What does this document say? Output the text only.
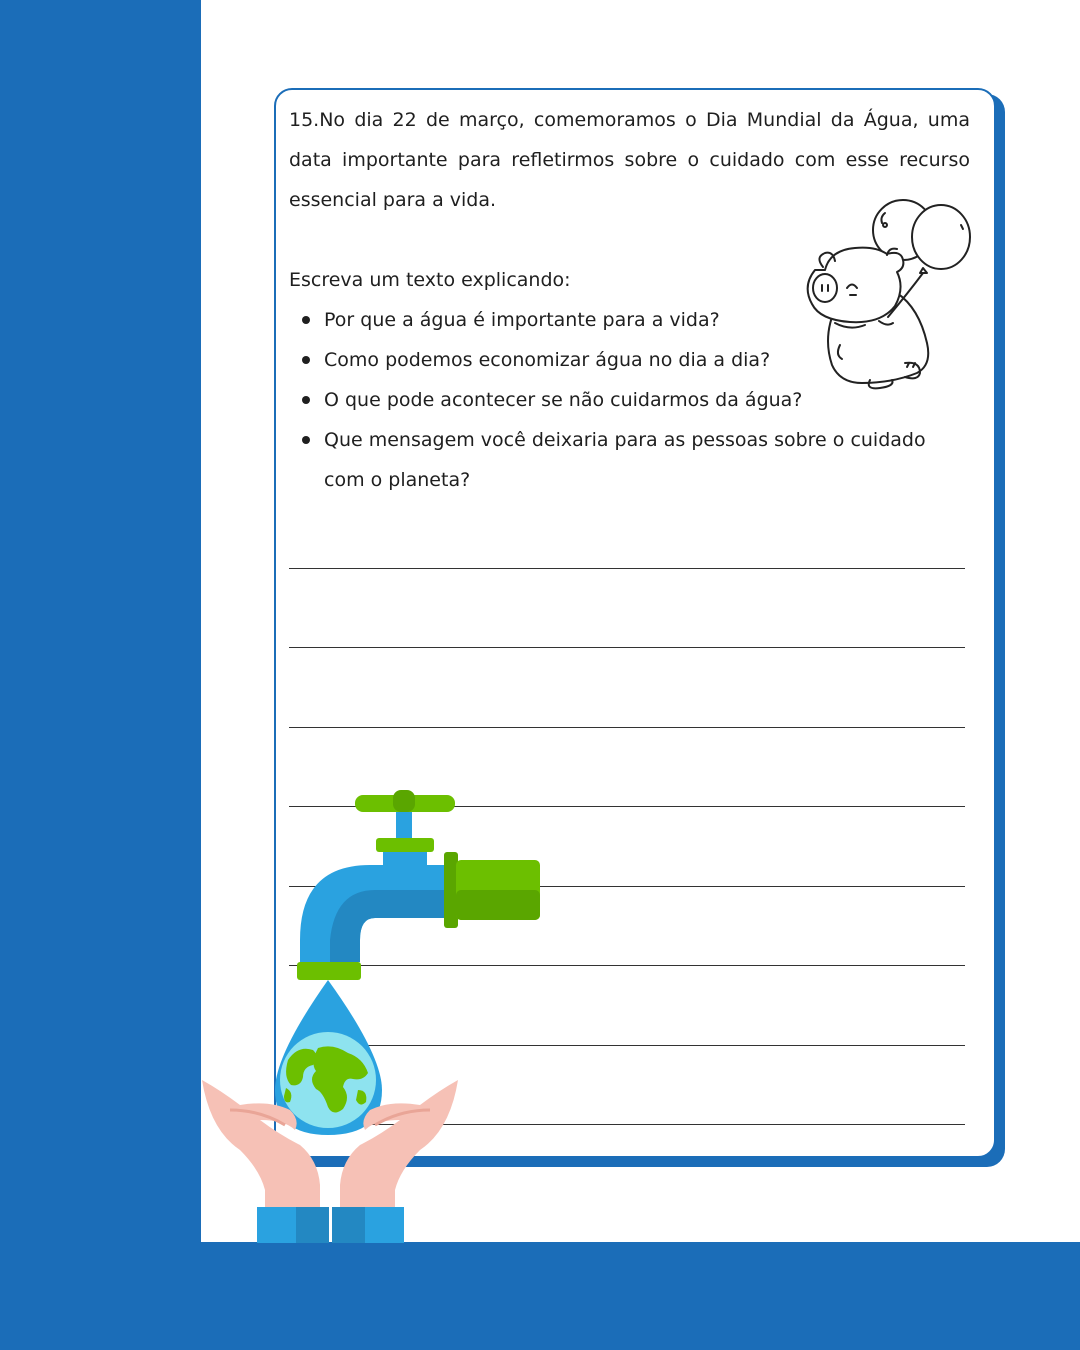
15.No dia 22 de março, comemoramos o Dia Mundial da Água, uma data importante para refletirmos sobre o cuidado com esse recurso essencial para a vida.
Escreva um texto explicando:
Por que a água é importante para a vida?
Como podemos economizar água no dia a dia?
O que pode acontecer se não cuidarmos da água?
Que mensagem você deixaria para as pessoas sobre o cuidado com o planeta?
